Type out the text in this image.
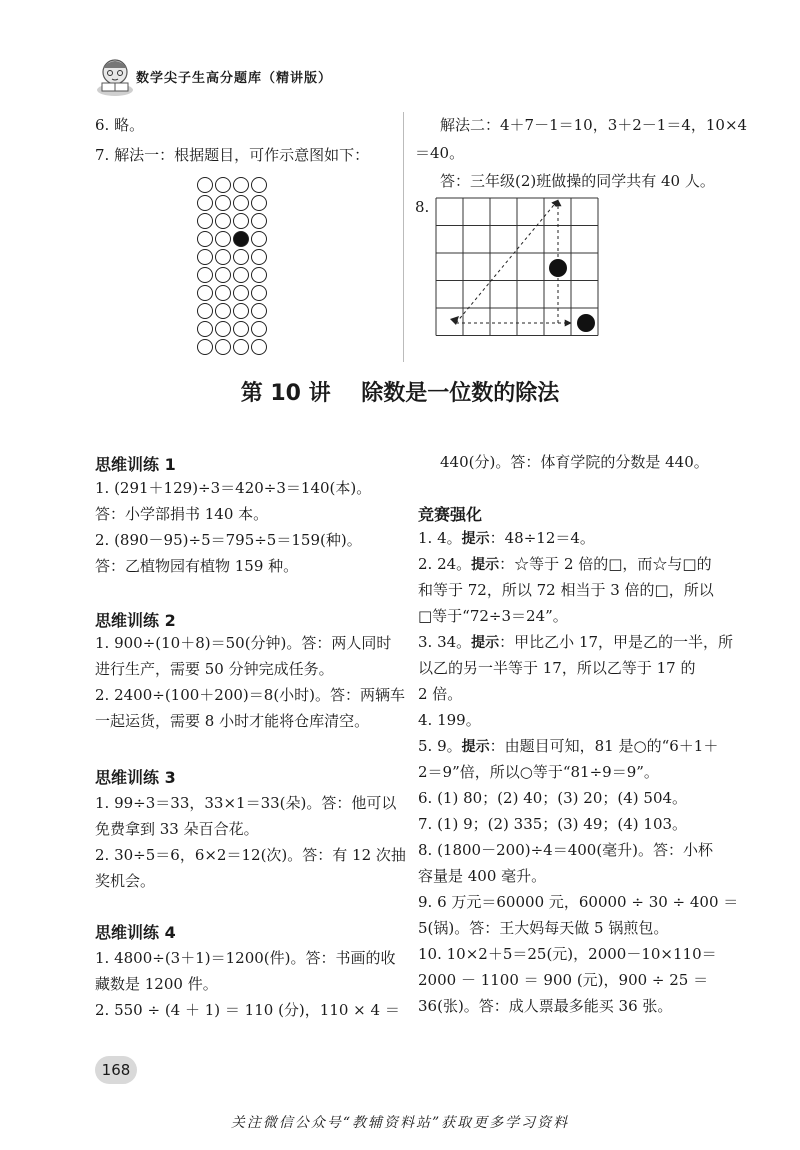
数学尖子生高分题库（精讲版）
6. 略。
7. 解法一：根据题目，可作示意图如下：
解法二：4＋7－1＝10，3＋2－1＝4，10×4
＝40。
答：三年级(2)班做操的同学共有 40 人。
8.
第 10 讲    除数是一位数的除法
思维训练 1
1. (291＋129)÷3＝420÷3＝140(本)。
答：小学部捐书 140 本。
2. (890－95)÷5＝795÷5＝159(种)。
答：乙植物园有植物 159 种。
思维训练 2
1. 900÷(10＋8)＝50(分钟)。答：两人同时
进行生产，需要 50 分钟完成任务。
2. 2400÷(100＋200)＝8(小时)。答：两辆车
一起运货，需要 8 小时才能将仓库清空。
思维训练 3
1. 99÷3＝33，33×1＝33(朵)。答：他可以
免费拿到 33 朵百合花。
2. 30÷5＝6，6×2＝12(次)。答：有 12 次抽
奖机会。
思维训练 4
1. 4800÷(3＋1)＝1200(件)。答：书画的收
藏数是 1200 件。
2. 550 ÷ (4 ＋ 1) ＝ 110 (分)，110 × 4 ＝
440(分)。答：体育学院的分数是 440。
竞赛强化
1. 4。提示：48÷12＝4。
2. 24。提示：☆等于 2 倍的□，而☆与□的
和等于 72，所以 72 相当于 3 倍的□，所以
□等于“72÷3＝24”。
3. 34。提示：甲比乙小 17，甲是乙的一半，所
以乙的另一半等于 17，所以乙等于 17 的
2 倍。
4. 199。
5. 9。提示：由题目可知，81 是○的“6＋1＋
2＝9”倍，所以○等于“81÷9＝9”。
6. (1) 80；(2) 40；(3) 20；(4) 504。
7. (1) 9；(2) 335；(3) 49；(4) 103。
8. (1800－200)÷4＝400(毫升)。答：小杯
容量是 400 毫升。
9. 6 万元＝60000 元，60000 ÷ 30 ÷ 400 ＝
5(锅)。答：王大妈每天做 5 锅煎包。
10. 10×2＋5＝25(元)，2000－10×110＝
2000 － 1100 ＝ 900 (元)，900 ÷ 25 ＝
36(张)。答：成人票最多能买 36 张。
168
关注微信公众号“教辅资料站”获取更多学习资料
